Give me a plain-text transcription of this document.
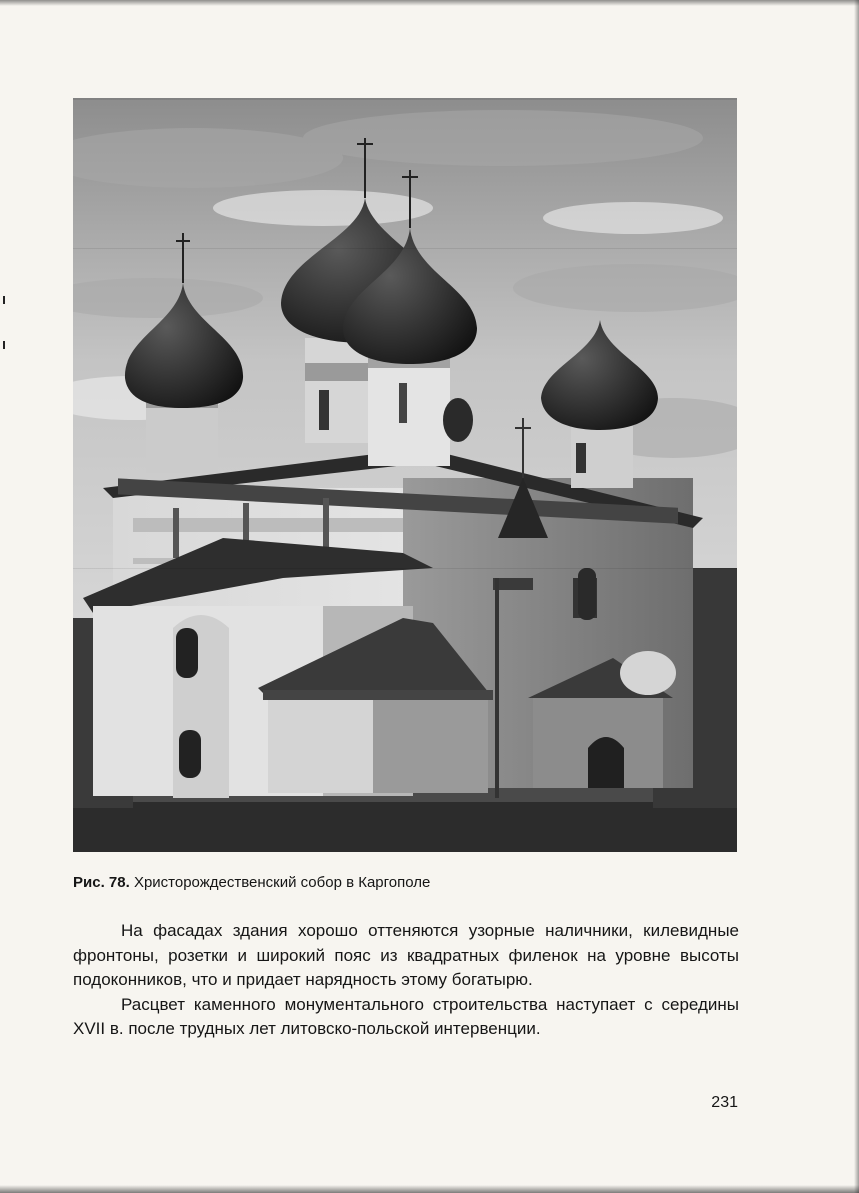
Рис. 78. Христорождественский собор в Каргополе

На фасадах здания хорошо оттеняются узорные наличники, килевидные фронтоны, розетки и широкий пояс из квадратных филенок на уровне высоты подоконников, что и придает нарядность этому богатырю.

Расцвет каменного монументального строительства наступает с середины XVII в. после трудных лет литовско-польской интервенции.

231
